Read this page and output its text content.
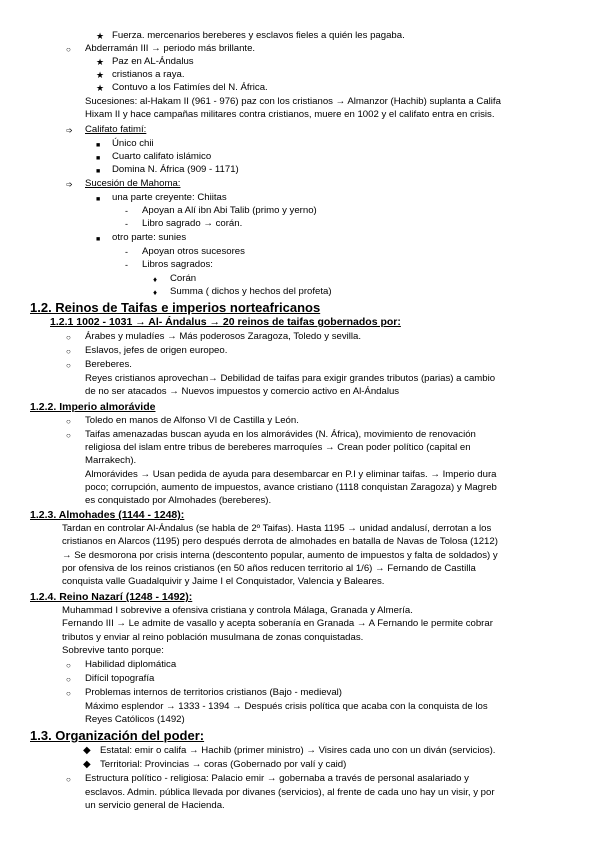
★
Fuerza. mercenarios bereberes y esclavos fieles a quién les pagaba.
○
Abderramán III → periodo más brillante.
★
Paz en AL-Ándalus
★
cristianos a raya.
★
Contuvo a los Fatimíes del N. África.
Sucesiones: al-Hakam II (961 - 976) paz con los cristianos → Almanzor (Hachib) suplanta a Califa
Hixam II y hace campañas militares contra cristianos, muere en 1002 y el califato entra en crisis.
➩
Califato fatimí:
■
Único chii
■
Cuarto califato islámico
■
Domina N. África (909 - 1171)
➩
Sucesión de Mahoma:
■
una parte creyente: Chiitas
-
Apoyan a Alí ibn Abi Talib (primo y yerno)
-
Libro sagrado → corán.
■
otro parte: sunies
-
Apoyan otros sucesores
-
Libros sagrados:
♦
Corán
♦
Summa ( dichos y hechos del profeta)
1.2. Reinos de Taifas e imperios norteafricanos
1.2.1 1002 - 1031 → Al- Ándalus → 20 reinos de taifas gobernados por:
○
Árabes y muladíes → Más poderosos Zaragoza, Toledo y sevilla.
○
Eslavos, jefes de origen europeo.
○
Bereberes.
Reyes cristianos aprovechan→ Debilidad de taifas para exigir grandes tributos (parias) a cambio
de no ser atacados → Nuevos impuestos y comercio activo en Al-Ándalus
1.2.2. Imperio almorávide
○
Toledo en manos de Alfonso VI de Castilla y León.
○
Taifas amenazadas buscan ayuda en los almorávides (N. África), movimiento de renovación
religiosa del islam entre tribus de bereberes marroquíes → Crean poder político (capital en
Marrakech).
Almorávides → Usan pedida de ayuda para desembarcar en P.I y eliminar taifas. → Imperio dura
poco; corrupción, aumento de impuestos, avance cristiano (1118 conquistan Zaragoza) y Magreb
es conquistado por Almohades (bereberes).
1.2.3. Almohades (1144 - 1248):
Tardan en controlar Al-Ándalus (se habla de 2º Taifas). Hasta 1195 → unidad andalusí, derrotan a los
cristianos en Alarcos (1195) pero después derrota de almohades en batalla de Navas de Tolosa (1212)
→ Se desmorona por crisis interna (descontento popular, aumento de impuestos y falta de soldados) y
por ofensiva de los reinos cristianos (en 50 años reducen territorio al 1/6) → Fernando de Castilla
conquista valle Guadalquivir y Jaime I el Conquistador, Valencia y Baleares.
1.2.4. Reino Nazarí (1248 - 1492):
Muhammad I sobrevive a ofensiva cristiana y controla Málaga, Granada y Almería.
Fernando III → Le admite de vasallo y acepta soberanía en Granada → A Fernando le permite cobrar
tributos y enviar al reino población musulmana de zonas conquistadas.
Sobrevive tanto porque:
○
Habilidad diplomática
○
Difícil topografía
○
Problemas internos de territorios cristianos (Bajo - medieval)
Máximo esplendor → 1333 - 1394 → Después crisis política que acaba con la conquista de los
Reyes Católicos (1492)
1.3. Organización del poder:
◆
Estatal: emir o califa → Hachib (primer ministro) → Visires cada uno con un diván (servicios).
◆
Territorial: Provincias → coras (Gobernado por valí y caid)
○
Estructura político - religiosa: Palacio emir → gobernaba a través de personal asalariado y
esclavos. Admin. pública llevada por divanes (servicios), al frente de cada uno hay un visir, y por
un servicio general de Hacienda.
